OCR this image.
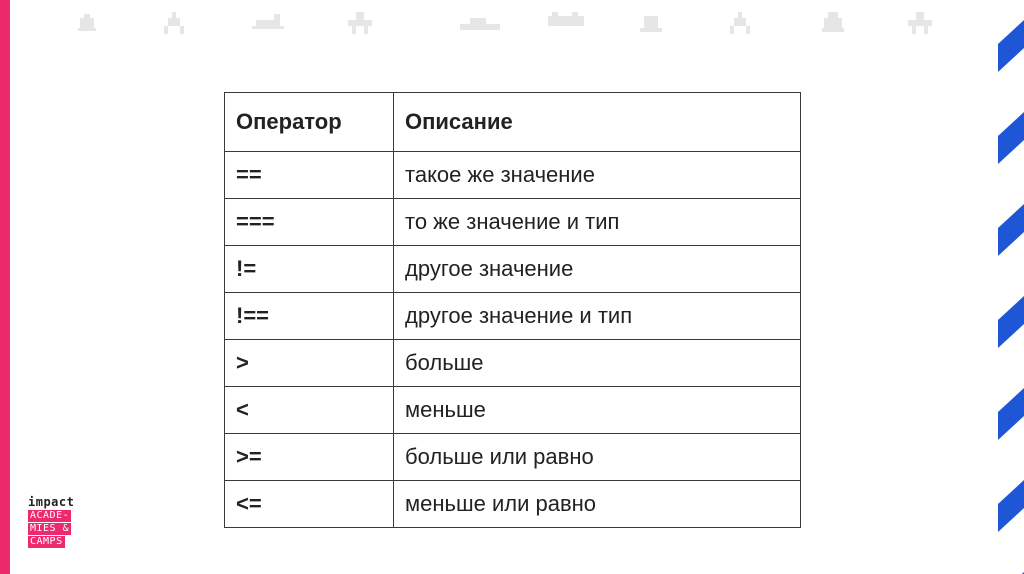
Оператор	Описание
==	такое же значение
===	то же значение и тип
!=	другое значение
!==	другое значение и тип
>	больше
<	меньше
>=	больше или равно
<=	меньше или равно
impact
ACADE-
MIES &
CAMPS
